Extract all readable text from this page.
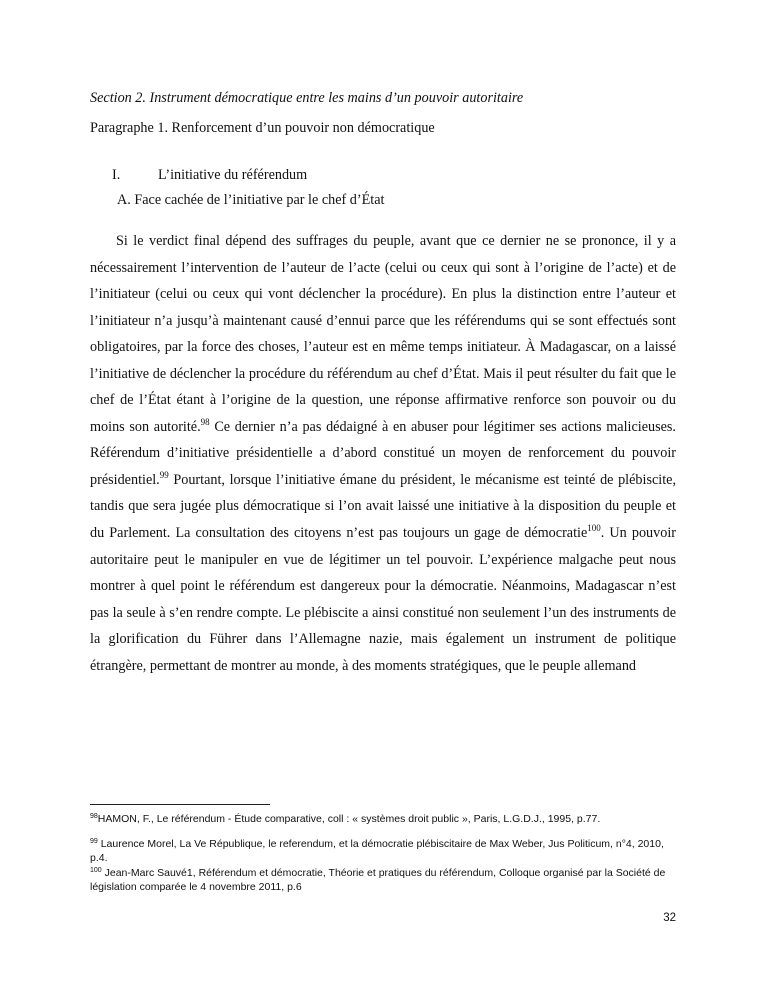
Section 2. Instrument démocratique entre les mains d’un pouvoir autoritaire
Paragraphe 1. Renforcement d’un pouvoir non démocratique
I.	L’initiative du référendum
A. Face cachée de l’initiative par le chef d’État

Si le verdict final dépend des suffrages du peuple, avant que ce dernier ne se prononce, il y a nécessairement l’intervention de l’auteur de l’acte (celui ou ceux qui sont à l’origine de l’acte) et de l’initiateur (celui ou ceux qui vont déclencher la procédure). En plus la distinction entre l’auteur et l’initiateur n’a jusqu’à maintenant causé d’ennui parce que les référendums qui se sont effectués sont obligatoires, par la force des choses, l’auteur est en même temps initiateur. À Madagascar, on a laissé l’initiative de déclencher la procédure du référendum au chef d’État. Mais il peut résulter du fait que le chef de l’État étant à l’origine de la question, une réponse affirmative renforce son pouvoir ou du moins son autorité.$^{98}$ Ce dernier n’a pas dédaigné à en abuser pour légitimer ses actions malicieuses. Référendum d’initiative présidentielle a d’abord constitué un moyen de renforcement du pouvoir présidentiel.$^{99}$ Pourtant, lorsque l’initiative émane du président, le mécanisme est teinté de plébiscite, tandis que sera jugée plus démocratique si l’on avait laissé une initiative à la disposition du peuple et du Parlement. La consultation des citoyens n’est pas toujours un gage de démocratie$^{100}$. Un pouvoir autoritaire peut le manipuler en vue de légitimer un tel pouvoir. L’expérience malgache peut nous montrer à quel point le référendum est dangereux pour la démocratie. Néanmoins, Madagascar n’est pas la seule à s’en rendre compte. Le plébiscite a ainsi constitué non seulement l’un des instruments de la glorification du Führer dans l’Allemagne nazie, mais également un instrument de politique étrangère, permettant de montrer au monde, à des moments stratégiques, que le peuple allemand

$^{98}$HAMON, F., Le référendum - Étude comparative, coll : « systèmes droit public », Paris, L.G.D.J., 1995, p.77.

$^{99}$ Laurence Morel, La Ve République, le referendum, et la démocratie plébiscitaire de Max Weber, Jus Politicum, n°4, 2010, p.4.

$^{100}$ Jean-Marc Sauvé1, Référendum et démocratie, Théorie et pratiques du référendum, Colloque organisé par la Société de législation comparée le 4 novembre 2011, p.6

32
